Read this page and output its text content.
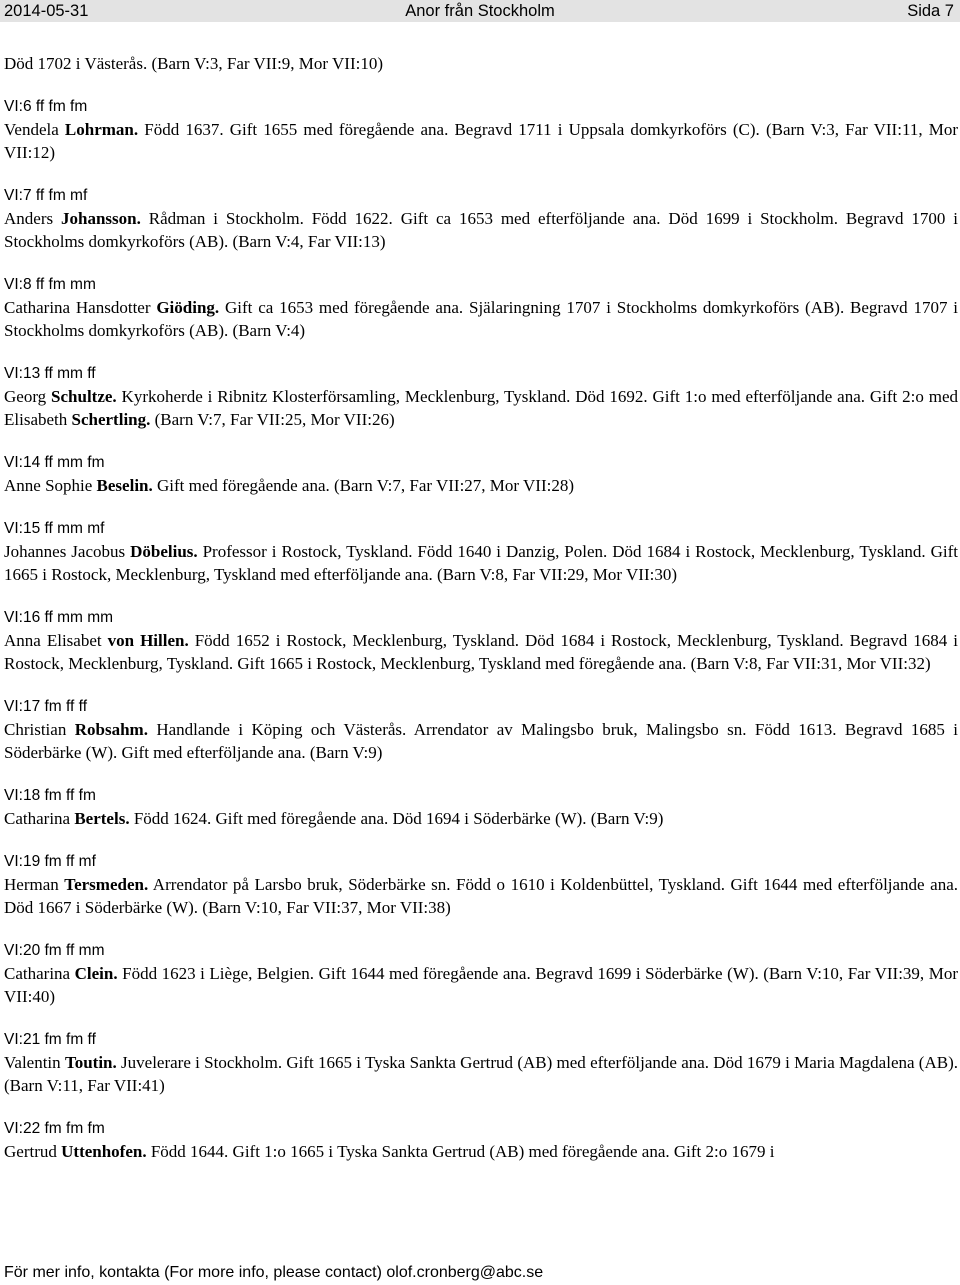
Anor från Stockholm
2014-05-31	Sida 7
Död 1702 i Västerås. (Barn V:3, Far VII:9, Mor VII:10)
VI:6 ff fm fm
Vendela Lohrman. Född 1637. Gift 1655 med föregående ana. Begravd 1711 i Uppsala domkyrkoförs (C). (Barn V:3, Far VII:11, Mor VII:12)
VI:7 ff fm mf
Anders Johansson. Rådman i Stockholm. Född 1622. Gift ca 1653 med efterföljande ana. Död 1699 i Stockholm. Begravd 1700 i Stockholms domkyrkoförs (AB). (Barn V:4, Far VII:13)
VI:8 ff fm mm
Catharina Hansdotter Giöding. Gift ca 1653 med föregående ana. Själaringning 1707 i Stockholms domkyrkoförs (AB). Begravd 1707 i Stockholms domkyrkoförs (AB). (Barn V:4)
VI:13 ff mm ff
Georg Schultze. Kyrkoherde i Ribnitz Klosterförsamling, Mecklenburg, Tyskland. Död 1692. Gift 1:o med efterföljande ana. Gift 2:o med Elisabeth Schertling. (Barn V:7, Far VII:25, Mor VII:26)
VI:14 ff mm fm
Anne Sophie Beselin. Gift med föregående ana. (Barn V:7, Far VII:27, Mor VII:28)
VI:15 ff mm mf
Johannes Jacobus Döbelius. Professor i Rostock, Tyskland. Född 1640 i Danzig, Polen. Död 1684 i Rostock, Mecklenburg, Tyskland. Gift 1665 i Rostock, Mecklenburg, Tyskland med efterföljande ana. (Barn V:8, Far VII:29, Mor VII:30)
VI:16 ff mm mm
Anna Elisabet von Hillen. Född 1652 i Rostock, Mecklenburg, Tyskland. Död 1684 i Rostock, Mecklenburg, Tyskland. Begravd 1684 i Rostock, Mecklenburg, Tyskland. Gift 1665 i Rostock, Mecklenburg, Tyskland med föregående ana. (Barn V:8, Far VII:31, Mor VII:32)
VI:17 fm ff ff
Christian Robsahm. Handlande i Köping och Västerås. Arrendator av Malingsbo bruk, Malingsbo sn. Född 1613. Begravd 1685 i Söderbärke (W). Gift med efterföljande ana. (Barn V:9)
VI:18 fm ff fm
Catharina Bertels. Född 1624. Gift med föregående ana. Död 1694 i Söderbärke (W). (Barn V:9)
VI:19 fm ff mf
Herman Tersmeden. Arrendator på Larsbo bruk, Söderbärke sn. Född o 1610 i Koldenbüttel, Tyskland. Gift 1644 med efterföljande ana. Död 1667 i Söderbärke (W). (Barn V:10, Far VII:37, Mor VII:38)
VI:20 fm ff mm
Catharina Clein. Född 1623 i Liège, Belgien. Gift 1644 med föregående ana. Begravd 1699 i Söderbärke (W). (Barn V:10, Far VII:39, Mor VII:40)
VI:21 fm fm ff
Valentin Toutin. Juvelerare i Stockholm. Gift 1665 i Tyska Sankta Gertrud (AB) med efterföljande ana. Död 1679 i Maria Magdalena (AB). (Barn V:11, Far VII:41)
VI:22 fm fm fm
Gertrud Uttenhofen. Född 1644. Gift 1:o 1665 i Tyska Sankta Gertrud (AB) med föregående ana. Gift 2:o 1679 i
För mer info, kontakta (For more info, please contact) olof.cronberg@abc.se
